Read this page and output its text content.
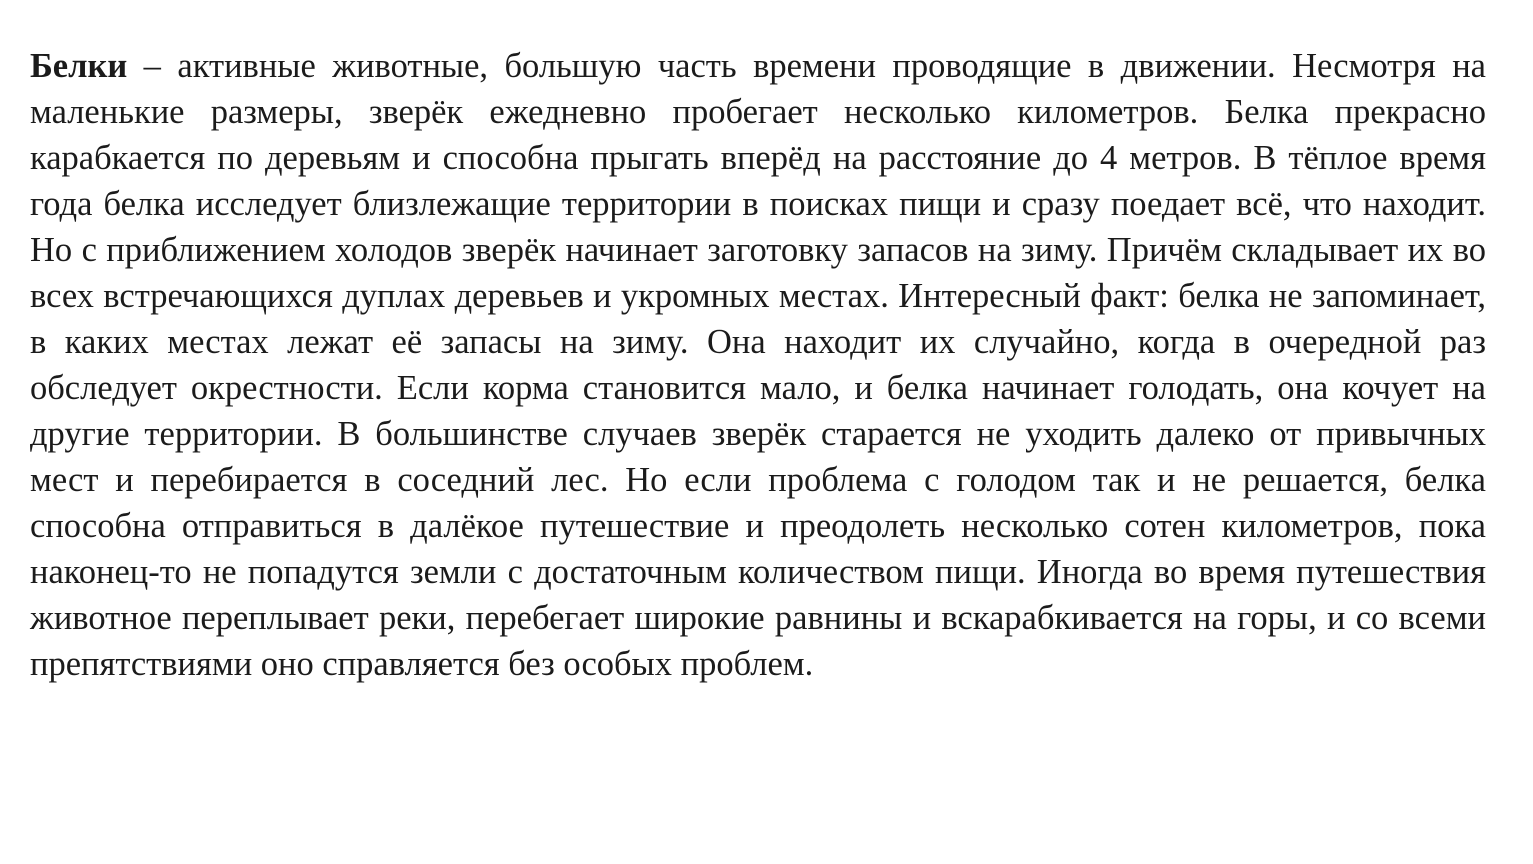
Белки – активные животные, большую часть времени проводящие в движении. Несмотря на маленькие размеры, зверёк ежедневно пробегает несколько километров. Белка прекрасно карабкается по деревьям и способна прыгать вперёд на расстояние до 4 метров. В тёплое время года белка исследует близлежащие территории в поисках пищи и сразу поедает всё, что находит. Но с приближением холодов зверёк начинает заготовку запасов на зиму. Причём складывает их во всех встречающихся дуплах деревьев и укромных местах. Интересный факт: белка не запоминает, в каких местах лежат её запасы на зиму. Она находит их случайно, когда в очередной раз обследует окрестности. Если корма становится мало, и белка начинает голодать, она кочует на другие территории. В большинстве случаев зверёк старается не уходить далеко от привычных мест и перебирается в соседний лес. Но если проблема с голодом так и не решается, белка способна отправиться в далёкое путешествие и преодолеть несколько сотен километров, пока наконец-то не попадутся земли с достаточным количеством пищи. Иногда во время путешествия животное переплывает реки, перебегает широкие равнины и вскарабкивается на горы, и со всеми препятствиями оно справляется без особых проблем.
